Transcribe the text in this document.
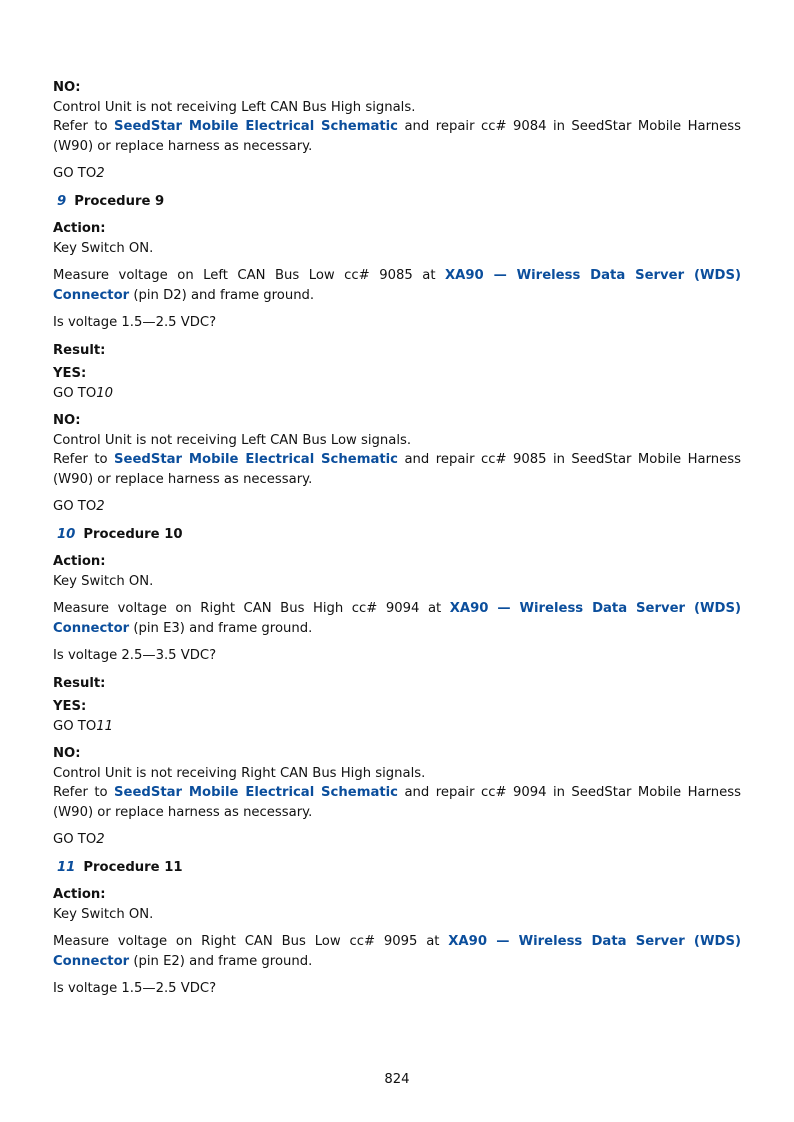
NO:

Control Unit is not receiving Left CAN Bus High signals.
Refer to SeedStar Mobile Electrical Schematic and repair cc# 9084 in SeedStar Mobile Harness (W90) or replace harness as necessary.

GO TO2

9 Procedure 9

Action:

Key Switch ON.

Measure voltage on Left CAN Bus Low cc# 9085 at XA90 — Wireless Data Server (WDS) Connector (pin D2) and frame ground.

Is voltage 1.5—2.5 VDC?

Result:

YES:

GO TO10

NO:

Control Unit is not receiving Left CAN Bus Low signals.
Refer to SeedStar Mobile Electrical Schematic and repair cc# 9085 in SeedStar Mobile Harness (W90) or replace harness as necessary.

GO TO2

10 Procedure 10

Action:

Key Switch ON.

Measure voltage on Right CAN Bus High cc# 9094 at XA90 — Wireless Data Server (WDS) Connector (pin E3) and frame ground.

Is voltage 2.5—3.5 VDC?

Result:

YES:

GO TO11

NO:

Control Unit is not receiving Right CAN Bus High signals.
Refer to SeedStar Mobile Electrical Schematic and repair cc# 9094 in SeedStar Mobile Harness (W90) or replace harness as necessary.

GO TO2

11 Procedure 11

Action:

Key Switch ON.

Measure voltage on Right CAN Bus Low cc# 9095 at XA90 — Wireless Data Server (WDS) Connector (pin E2) and frame ground.

Is voltage 1.5—2.5 VDC?

824
